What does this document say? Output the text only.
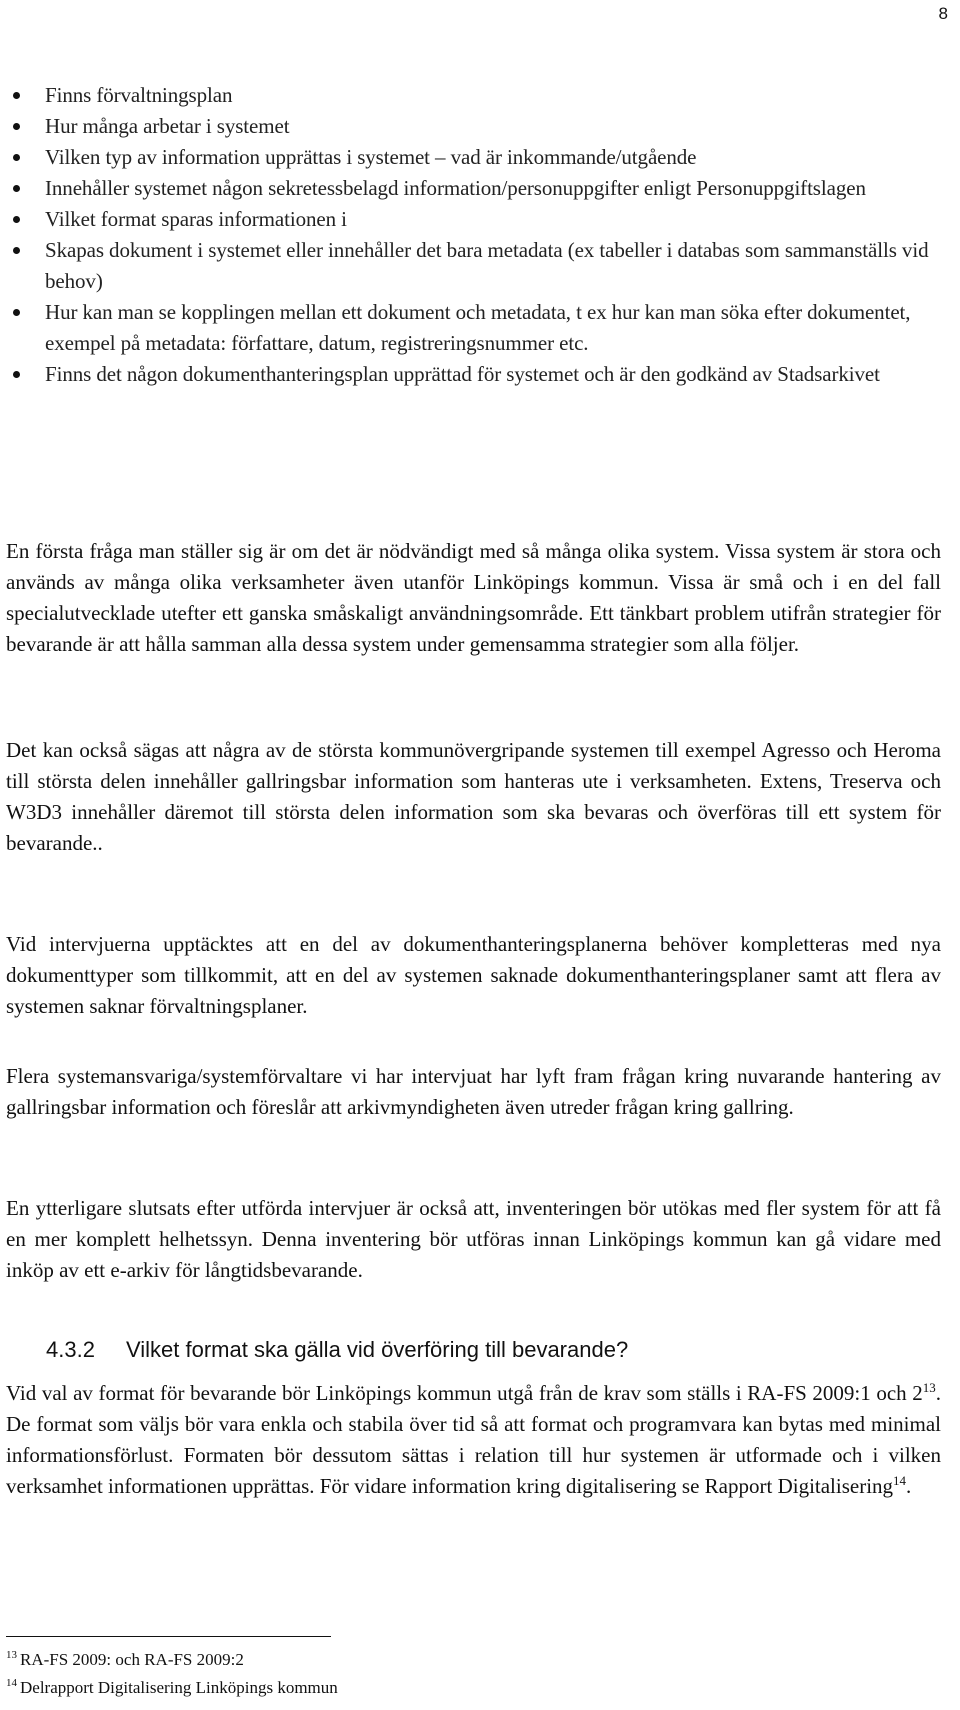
8
Finns förvaltningsplan
Hur många arbetar i systemet
Vilken typ av information upprättas i systemet – vad är inkommande/utgående
Innehåller systemet någon sekretessbelagd information/personuppgifter enligt Personuppgiftslagen
Vilket format sparas informationen i
Skapas dokument i systemet eller innehåller det bara metadata (ex tabeller i databas som sammanställs vid behov)
Hur kan man se kopplingen mellan ett dokument och metadata, t ex hur kan man söka efter dokumentet, exempel på metadata: författare, datum, registreringsnummer etc.
Finns det någon dokumenthanteringsplan upprättad för systemet och är den godkänd av Stadsarkivet

En första fråga man ställer sig är om det är nödvändigt med så många olika system. Vissa system är stora och används av många olika verksamheter även utanför Linköpings kommun. Vissa är små och i en del fall specialutvecklade utefter ett ganska småskaligt användningsområde. Ett tänkbart problem utifrån strategier för bevarande är att hålla samman alla dessa system under gemensamma strategier som alla följer.

Det kan också sägas att några av de största kommunövergripande systemen till exempel Agresso och Heroma till största delen innehåller gallringsbar information som hanteras ute i verksamheten. Extens, Treserva och W3D3 innehåller däremot till största delen information som ska bevaras och överföras till ett system för bevarande..

Vid intervjuerna upptäcktes att en del av dokumenthanteringsplanerna behöver kompletteras med nya dokumenttyper som tillkommit, att en del av systemen saknade dokumenthanteringsplaner samt att flera av systemen saknar förvaltningsplaner.

Flera systemansvariga/systemförvaltare vi har intervjuat har lyft fram frågan kring nuvarande hantering av gallringsbar information och föreslår att arkivmyndigheten även utreder frågan kring gallring.

En ytterligare slutsats efter utförda intervjuer är också att, inventeringen bör utökas med fler system för att få en mer komplett helhetssyn. Denna inventering bör utföras innan Linköpings kommun kan gå vidare med inköp av ett e-arkiv för långtidsbevarande.

4.3.2 Vilket format ska gälla vid överföring till bevarande?

Vid val av format för bevarande bör Linköpings kommun utgå från de krav som ställs i RA-FS 2009:1 och $2^{13}$. De format som väljs bör vara enkla och stabila över tid så att format och programvara kan bytas med minimal informationsförlust. Formaten bör dessutom sättas i relation till hur systemen är utformade och i vilken verksamhet informationen upprättas. För vidare information kring digitalisering se Rapport Digitalisering$^{14}$.

$^{13}$ RA-FS 2009: och RA-FS 2009:2
$^{14}$ Delrapport Digitalisering Linköpings kommun
